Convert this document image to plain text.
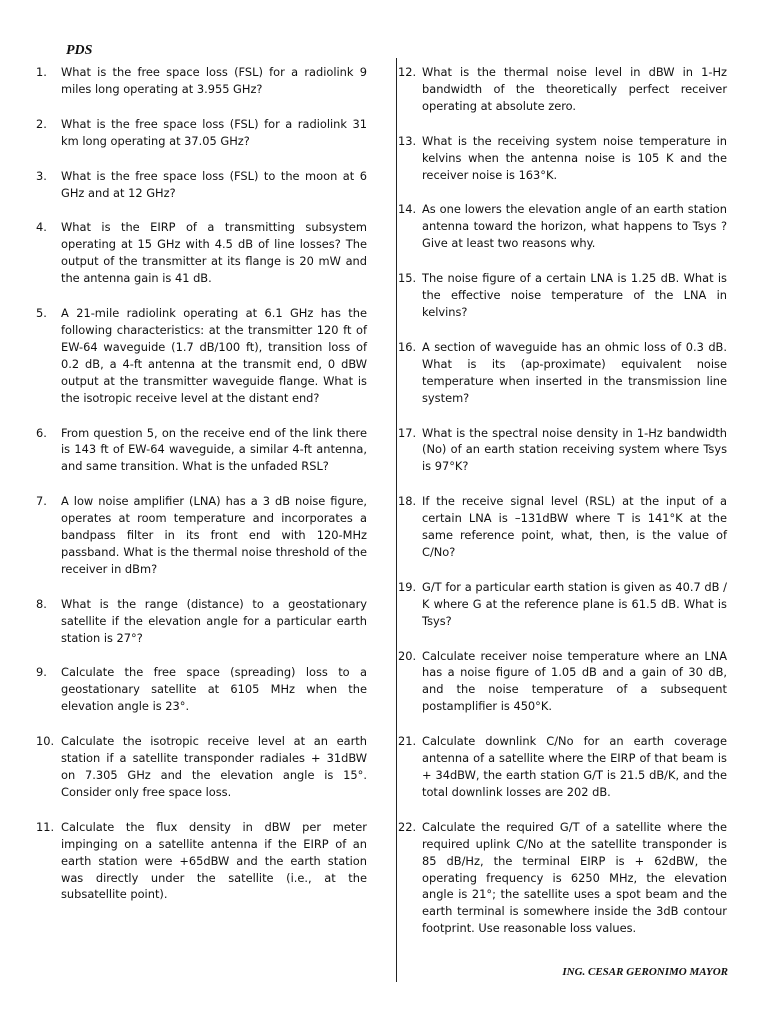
PDS
1.	What is the free space loss (FSL) for a radiolink 9 miles long operating at 3.955 GHz?
2.	What is the free space loss (FSL) for a radiolink 31 km long operating at 37.05 GHz?
3.	What is the free space loss (FSL) to the moon at 6 GHz and at 12 GHz?
4.	What is the EIRP of a transmitting subsystem operating at 15 GHz with 4.5 dB of line losses? The output of the transmitter at its flange is 20 mW and the antenna gain is 41 dB.
5.	A 21-mile radiolink operating at 6.1 GHz has the following characteristics: at the transmitter 120 ft of EW-64 waveguide (1.7 dB/100 ft), transition loss of 0.2 dB, a 4-ft antenna at the transmit end, 0 dBW output at the transmitter waveguide flange. What is the isotropic receive level at the distant end?
6.	From question 5, on the receive end of the link there is 143 ft of EW-64 waveguide, a similar 4-ft antenna, and same transition. What is the unfaded RSL?
7.	A low noise amplifier (LNA) has a 3 dB noise figure, operates at room temperature and incorporates a bandpass filter in its front end with 120-MHz passband. What is the thermal noise threshold of the receiver in dBm?
8.	What is the range (distance) to a geostationary satellite if the elevation angle for a particular earth station is 27°?
9.	Calculate the free space (spreading) loss to a geostationary satellite at 6105 MHz when the elevation angle is 23°.
10. Calculate the isotropic receive level at an earth station if a satellite transponder radiales + 31dBW on 7.305 GHz and the elevation angle is 15°. Consider only free space loss.
11. Calculate the flux density in dBW per meter impinging on a satellite antenna if the EIRP of an earth station were +65dBW and the earth station was directly under the satellite (i.e., at the subsatellite point).
12. What is the thermal noise level in dBW in 1-Hz bandwidth of the theoretically perfect receiver operating at absolute zero.
13. What is the receiving system noise temperature in kelvins when the antenna noise is 105 K and the receiver noise is 163°K.
14. As one lowers the elevation angle of an earth station antenna toward the horizon, what happens to Tsys ? Give at least two reasons why.
15. The noise figure of a certain LNA is 1.25 dB. What is the effective noise temperature of the LNA in kelvins?
16. A section of waveguide has an ohmic loss of 0.3 dB. What is its (ap-proximate) equivalent noise temperature when inserted in the transmission line system?
17. What is the spectral noise density in 1-Hz bandwidth (No) of an earth station receiving system where Tsys is 97°K?
18. If the receive signal level (RSL) at the input of a certain LNA is –131dBW where T is 141°K at the same reference point, what, then, is the value of C/No?
19. G/T for a particular earth station is given as 40.7 dB / K where G at the reference plane is 61.5 dB. What is Tsys?
20. Calculate receiver noise temperature where an LNA has a noise figure of 1.05 dB and a gain of 30 dB, and the noise temperature of a subsequent postamplifier is 450°K.
21. Calculate downlink C/No for an earth coverage antenna of a satellite where the EIRP of that beam is + 34dBW, the earth station G/T is 21.5 dB/K, and the total downlink losses are 202 dB.
22. Calculate the required G/T of a satellite where the required uplink C/No at the satellite transponder is 85 dB/Hz, the terminal EIRP is + 62dBW, the operating frequency is 6250 MHz, the elevation angle is 21°; the satellite uses a spot beam and the earth terminal is somewhere inside the 3dB contour footprint. Use reasonable loss values.
ING. CESAR GERONIMO MAYOR
